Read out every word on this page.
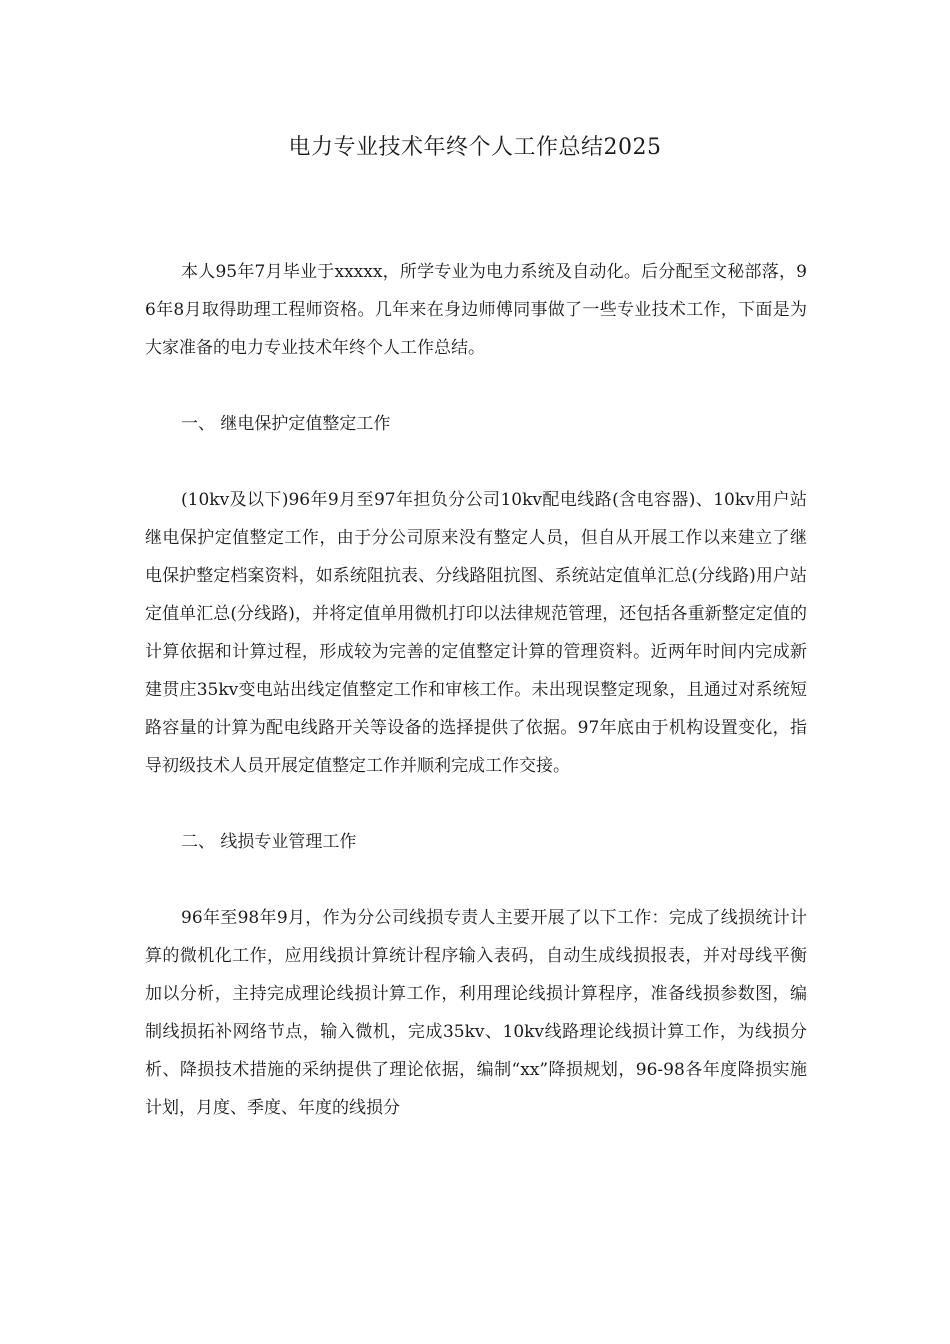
电力专业技术年终个人工作总结2025

本人95年7月毕业于xxxxx，所学专业为电力系统及自动化。后分配至文秘部落，96年8月取得助理工程师资格。几年来在身边师傅同事做了一些专业技术工作，下面是为大家准备的电力专业技术年终个人工作总结。

一、 继电保护定值整定工作

(10kv及以下)96年9月至97年担负分公司10kv配电线路(含电容器)、10kv用户站继电保护定值整定工作，由于分公司原来没有整定人员，但自从开展工作以来建立了继电保护整定档案资料，如系统阻抗表、分线路阻抗图、系统站定值单汇总(分线路)用户站定值单汇总(分线路)，并将定值单用微机打印以法律规范管理，还包括各重新整定定值的计算依据和计算过程，形成较为完善的定值整定计算的管理资料。近两年时间内完成新建贯庄35kv变电站出线定值整定工作和审核工作。未出现误整定现象，且通过对系统短路容量的计算为配电线路开关等设备的选择提供了依据。97年底由于机构设置变化，指导初级技术人员开展定值整定工作并顺利完成工作交接。

二、 线损专业管理工作

96年至98年9月，作为分公司线损专责人主要开展了以下工作：完成了线损统计计算的微机化工作，应用线损计算统计程序输入表码，自动生成线损报表，并对母线平衡加以分析，主持完成理论线损计算工作，利用理论线损计算程序，准备线损参数图，编制线损拓补网络节点，输入微机，完成35kv、10kv线路理论线损计算工作，为线损分析、降损技术措施的采纳提供了理论依据，编制“xx”降损规划，96-98各年度降损实施计划，月度、季度、年度的线损分
